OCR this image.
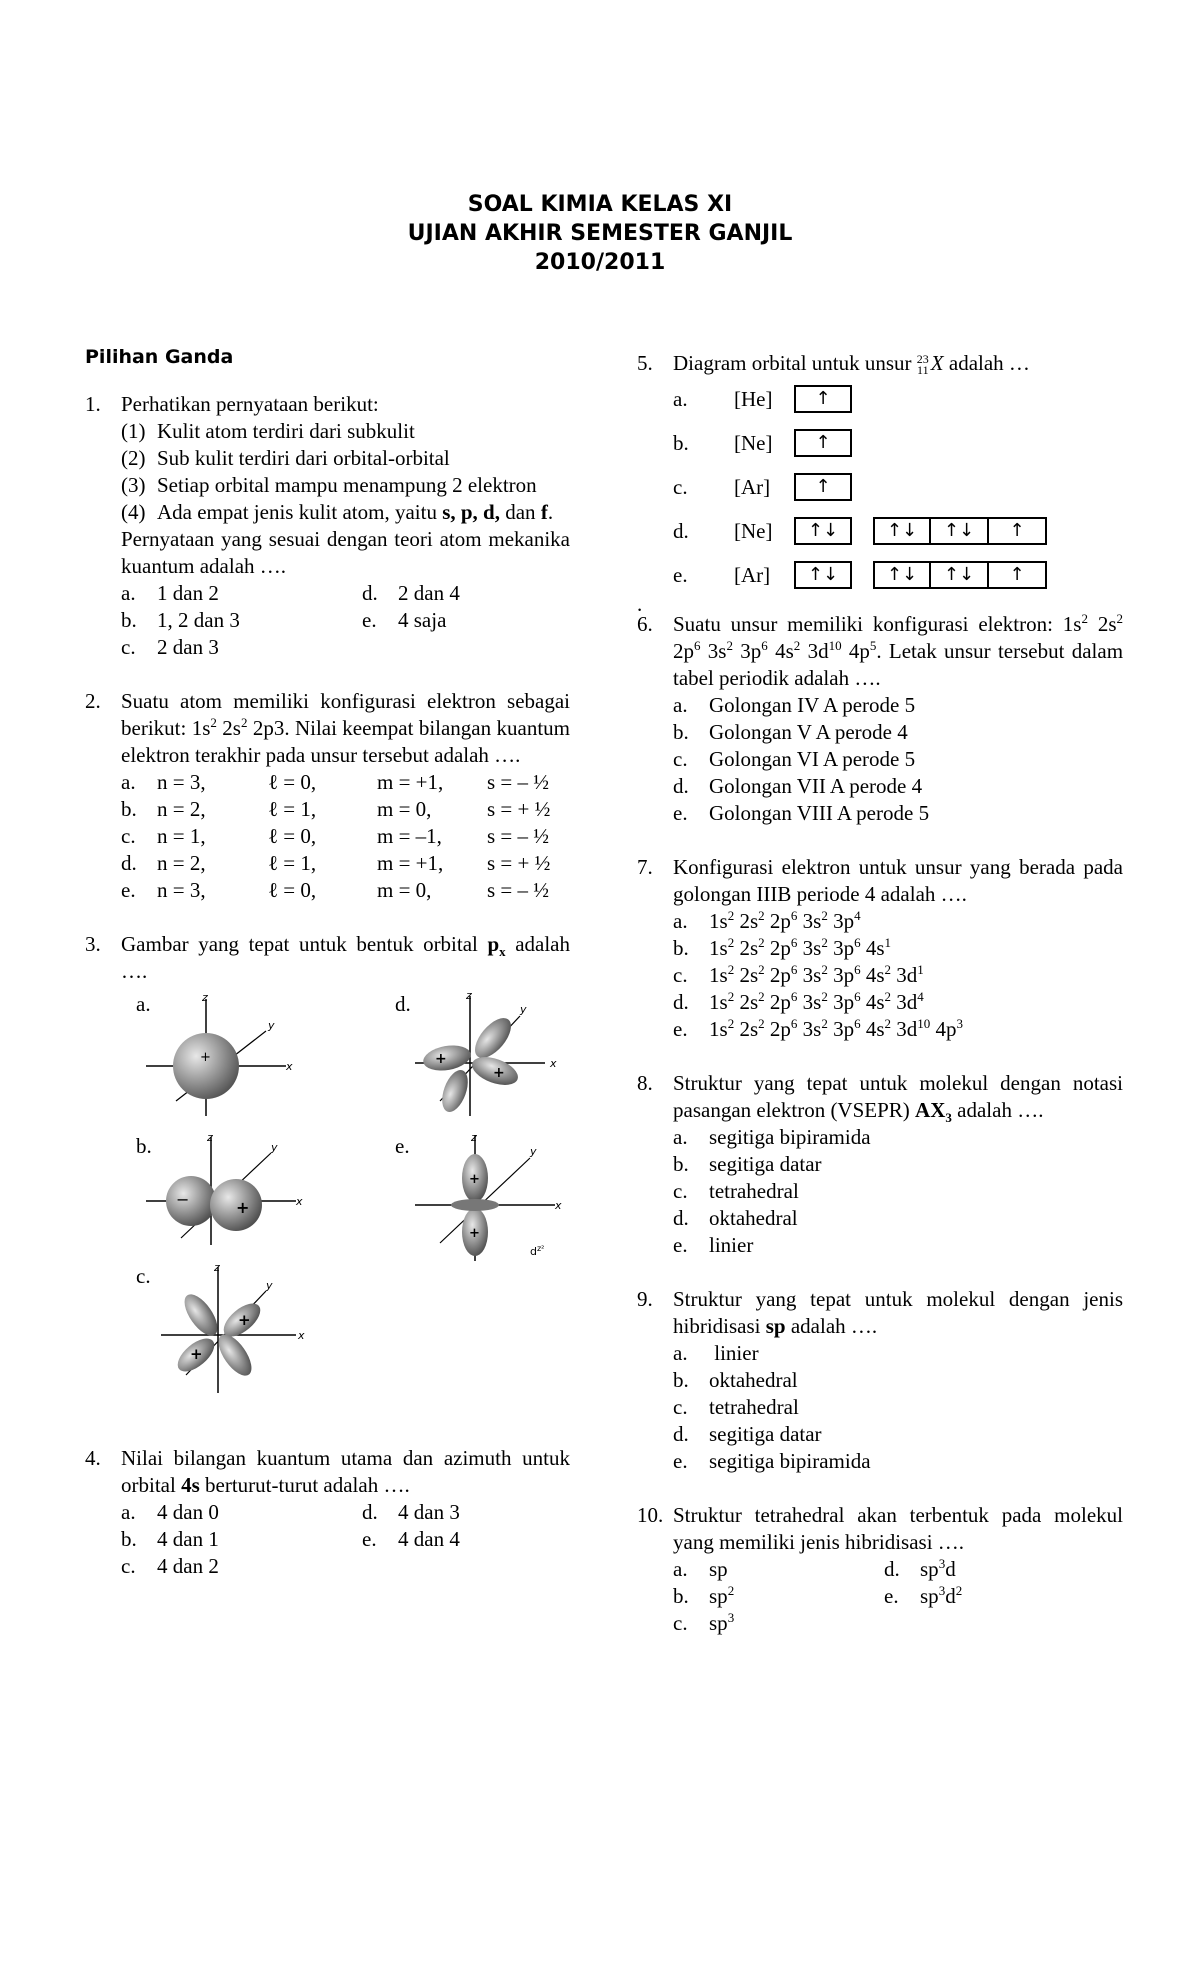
SOAL KIMIA KELAS XI
UJIAN AKHIR SEMESTER GANJIL
2010/2011
Pilihan Ganda
1. Perhatikan pernyataan berikut:
(1) Kulit atom terdiri dari subkulit
(2) Sub kulit terdiri dari orbital-orbital
(3) Setiap orbital mampu menampung 2 elektron
(4) Ada empat jenis kulit atom, yaitu s, p, d, dan f.
Pernyataan yang sesuai dengan teori atom mekanika kuantum adalah ….
a. 1 dan 2	d. 2 dan 4
b. 1, 2 dan 3	e. 4 saja
c. 2 dan 3
2. Suatu atom memiliki konfigurasi elektron sebagai berikut: $1s^2$ $2s^2$ 2p3. Nilai keempat bilangan kuantum elektron terakhir pada unsur tersebut adalah ….
a.	n = 3,	ℓ = 0,	m = +1,	s = – ½
b. n = 2,	ℓ = 1,	m = 0,	s = + ½
c.	n = 1,	ℓ = 0,	m = –1,	s = – ½
d. n = 2,	ℓ = 1,	m = +1,	s = + ½
e.	n = 3,	ℓ = 0,	m = 0,	s = – ½
3. Gambar yang tepat untuk bentuk orbital $p_x$ adalah ….
a.
+
x
y
z	d.
+
+
x
y
z
b.
−	+	x
y
z	e.
+
+
x
y
z
$d^{z^2}$
c.
+
+
x
y
z
4. Nilai bilangan kuantum utama dan azimuth untuk orbital 4s berturut-turut adalah ….
a. 4 dan 0	d. 4 dan 3
b. 4 dan 1	e. 4 dan 4
c. 4 dan 2
5. Diagram orbital untuk unsur 23
11 X adalah …
a.	[He]	↑
b.	[Ne]	↑
c.	[Ar]	↑
d.	[Ne]	↑↓	↑↓	↑↓	↑
e.	[Ar]	↑↓	↑↓	↑↓	↑
.
6. Suatu unsur memiliki konfigurasi elektron: $1s^2$ $2s^2$ $2p^6$ $3s^2$ $3p^6$ $4s^2$ $3d^{10}$ $4p^5$. Letak unsur tersebut dalam tabel periodik adalah ….
a. Golongan IV A perode 5
b. Golongan V A perode 4
c. Golongan VI A perode 5
d. Golongan VII A perode 4
e. Golongan VIII A perode 5
7. Konfigurasi elektron untuk unsur yang berada pada golongan IIIB periode 4 adalah ….
a. $1s^2$ $2s^2$ $2p^6$ $3s^2$ $3p^4$
b. $1s^2$ $2s^2$ $2p^6$ $3s^2$ $3p^6$ $4s^1$
c. $1s^2$ $2s^2$ $2p^6$ $3s^2$ $3p^6$ $4s^2$ $3d^1$
d. $1s^2$ $2s^2$ $2p^6$ $3s^2$ $3p^6$ $4s^2$ $3d^4$
e. $1s^2$ $2s^2$ $2p^6$ $3s^2$ $3p^6$ $4s^2$ $3d^{10}$ $4p^3$
8. Struktur yang tepat untuk molekul dengan notasi pasangan elektron (VSEPR) $AX_3$ adalah ….
a. segitiga bipiramida
b. segitiga datar
c. tetrahedral
d. oktahedral
e. linier
9. Struktur yang tepat untuk molekul dengan jenis hibridisasi sp adalah ….
a. linier
b. oktahedral
c. tetrahedral
d. segitiga datar
e. segitiga bipiramida
10. Struktur tetrahedral akan terbentuk pada molekul yang memiliki jenis hibridisasi ….
a. sp	d. $sp^3d$
b. $sp^2$	e. $sp^3d^2$
c. $sp^3$
